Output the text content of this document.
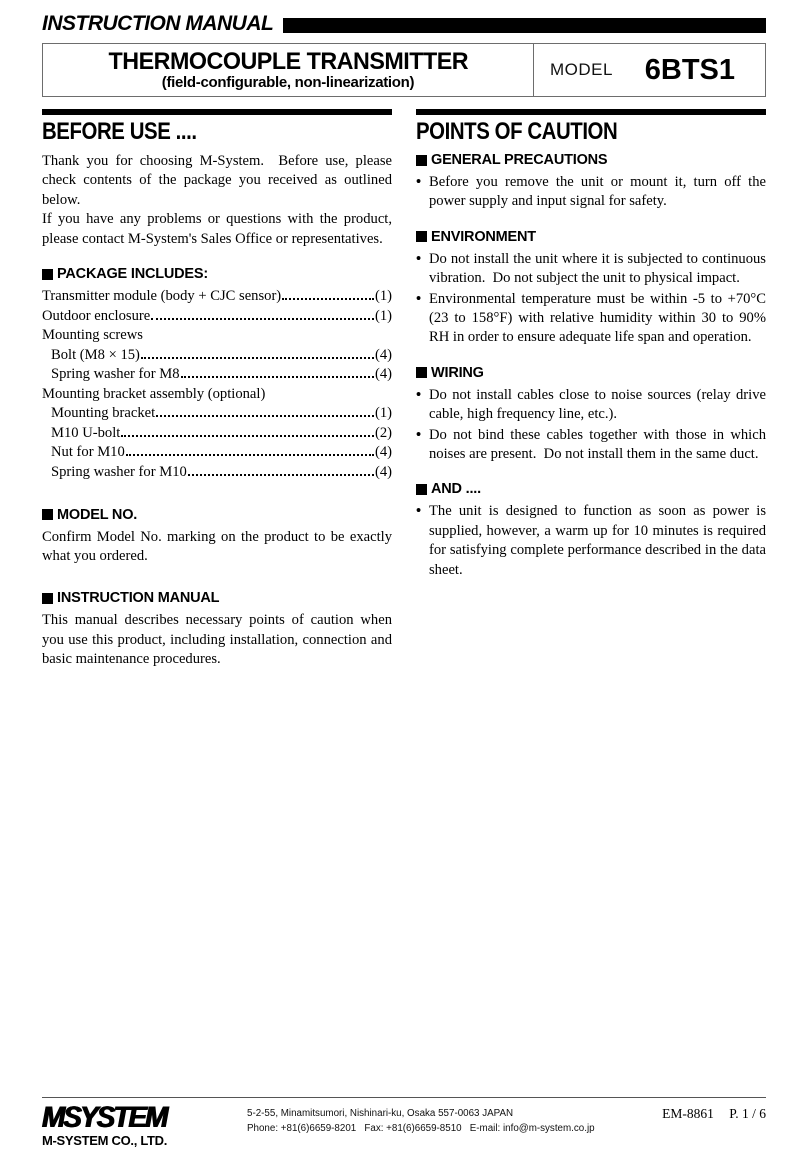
INSTRUCTION MANUAL
THERMOCOUPLE TRANSMITTER
(field-configurable, non-linearization)
MODEL 6BTS1
BEFORE USE ....

Thank you for choosing M-System.  Before use, please check contents of the package you received as outlined below.

If you have any problems or questions with the product, please contact M-System's Sales Office or representatives.

PACKAGE INCLUDES:
Transmitter module (body + CJC sensor)	(1)
Outdoor enclosure	(1)
Mounting screws
Bolt (M8 × 15)	(4)
Spring washer for M8	(4)
Mounting bracket assembly (optional)
Mounting bracket	(1)
M10 U-bolt	(2)
Nut for M10	(4)
Spring washer for M10	(4)
MODEL NO.

Confirm Model No. marking on the product to be exactly what you ordered.

INSTRUCTION MANUAL

This manual describes necessary points of caution when you use this product, including installation, connection and basic maintenance procedures.

POINTS OF CAUTION
GENERAL PRECAUTIONS
•
Before you remove the unit or mount it, turn off the power supply and input signal for safety.
ENVIRONMENT
•
Do not install the unit where it is subjected to continuous vibration.  Do not subject the unit to physical impact.
•
Environmental temperature must be within -5 to +70°C (23 to 158°F) with relative humidity within 30 to 90% RH in order to ensure adequate life span and operation.
WIRING
•
Do not install cables close to noise sources (relay drive cable, high frequency line, etc.).
•
Do not bind these cables together with those in which noises are present.  Do not install them in the same duct.
AND ....
•
The unit is designed to function as soon as power is supplied, however, a warm up for 10 minutes is required for satisfying complete performance described in the data sheet.
MSYSTEM
M-SYSTEM CO., LTD.
5-2-55, Minamitsumori, Nishinari-ku, Osaka 557-0063 JAPAN
Phone: +81(6)6659-8201   Fax: +81(6)6659-8510   E-mail: info@m-system.co.jp
EM-8861 P. 1 / 6
